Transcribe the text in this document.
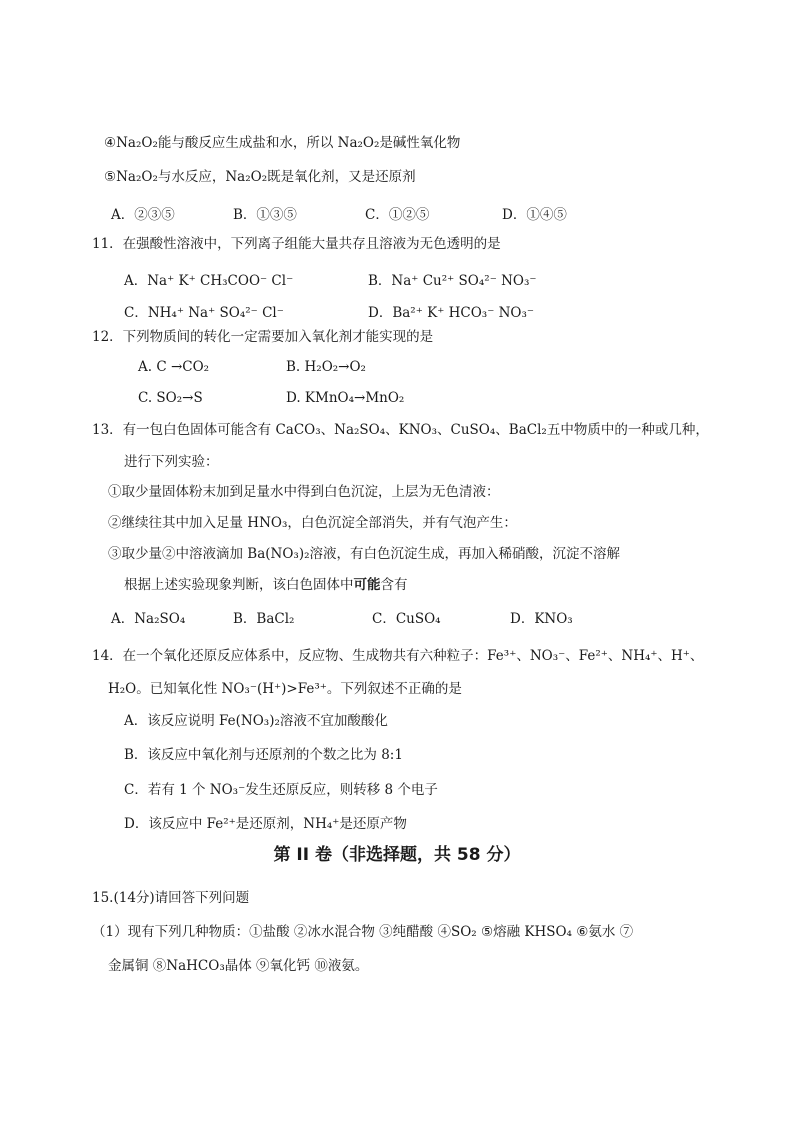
④Na₂O₂能与酸反应生成盐和水，所以 Na₂O₂是碱性氧化物
⑤Na₂O₂与水反应，Na₂O₂既是氧化剂，又是还原剂
A．②③⑤	B．①③⑤	C．①②⑤	D．①④⑤
11．在强酸性溶液中，下列离子组能大量共存且溶液为无色透明的是
A．Na⁺ K⁺ CH₃COO⁻ Cl⁻	B．Na⁺ Cu²⁺ SO₄²⁻ NO₃⁻
C．NH₄⁺ Na⁺ SO₄²⁻ Cl⁻	D．Ba²⁺ K⁺ HCO₃⁻ NO₃⁻
12．下列物质间的转化一定需要加入氧化剂才能实现的是
A. C →CO₂	B. H₂O₂→O₂
C. SO₂→S	D. KMnO₄→MnO₂
13．有一包白色固体可能含有 CaCO₃、Na₂SO₄、KNO₃、CuSO₄、BaCl₂五中物质中的一种或几种，
进行下列实验：
①取少量固体粉末加到足量水中得到白色沉淀，上层为无色清液：
②继续往其中加入足量 HNO₃，白色沉淀全部消失，并有气泡产生：
③取少量②中溶液滴加 Ba(NO₃)₂溶液，有白色沉淀生成，再加入稀硝酸，沉淀不溶解
根据上述实验现象判断，该白色固体中可能含有
A．Na₂SO₄	B．BaCl₂	C．CuSO₄	D．KNO₃
14．在一个氧化还原反应体系中，反应物、生成物共有六种粒子：Fe³⁺、NO₃⁻、Fe²⁺、NH₄⁺、H⁺、
H₂O。已知氧化性 NO₃⁻(H⁺)>Fe³⁺。下列叙述不正确的是
A．该反应说明 Fe(NO₃)₂溶液不宜加酸酸化
B．该反应中氧化剂与还原剂的个数之比为 8:1
C．若有 1 个 NO₃⁻发生还原反应，则转移 8 个电子
D．该反应中 Fe²⁺是还原剂，NH₄⁺是还原产物
第 II 卷（非选择题，共 58 分）
15.(14分)请回答下列问题
（1）现有下列几种物质：①盐酸 ②冰水混合物 ③纯醋酸 ④SO₂ ⑤熔融 KHSO₄ ⑥氨水 ⑦
金属铜 ⑧NaHCO₃晶体 ⑨氧化钙 ⑩液氨。
